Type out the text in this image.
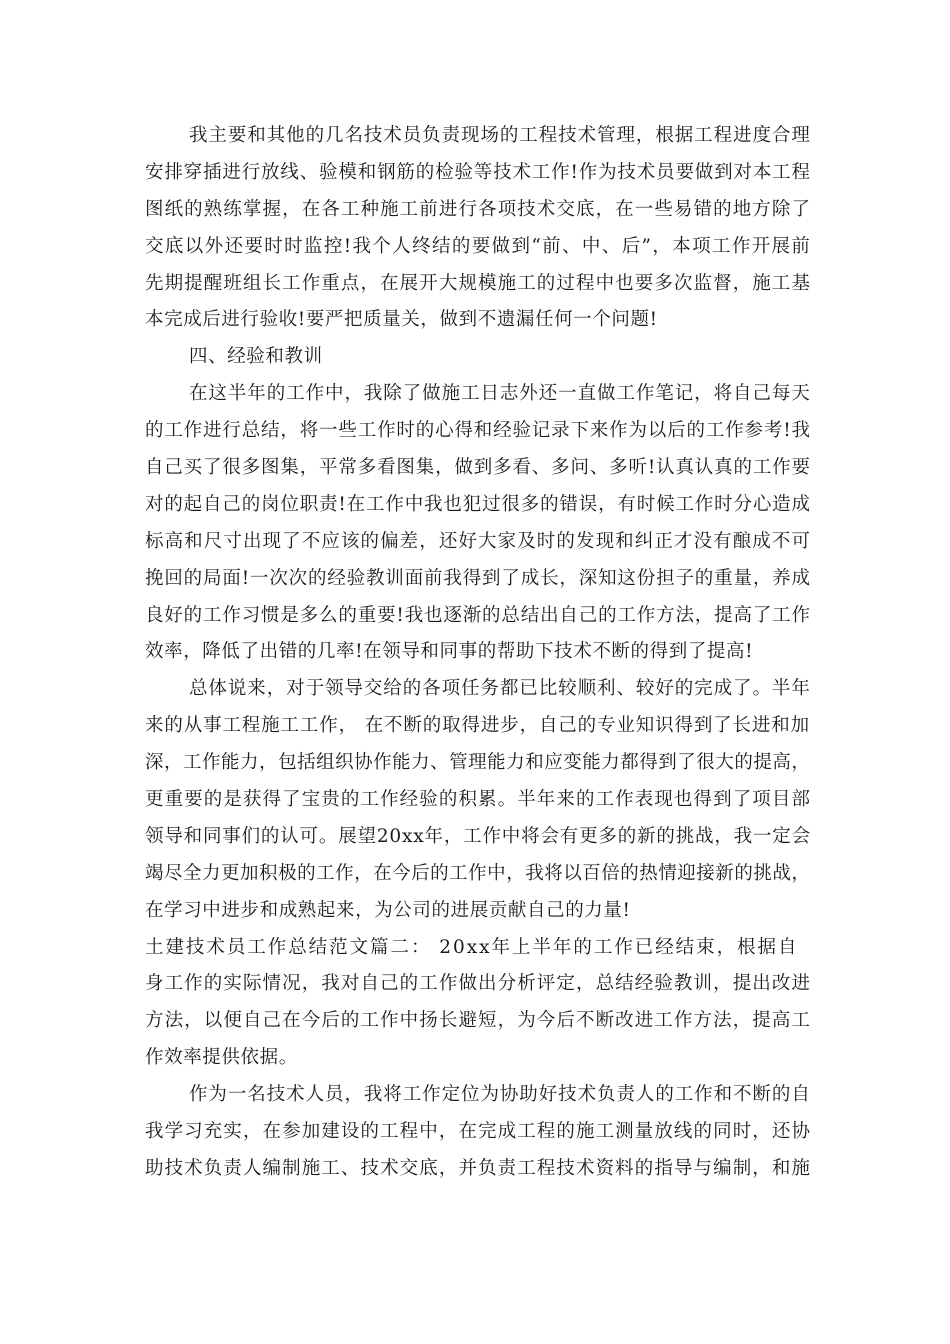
我主要和其他的几名技术员负责现场的工程技术管理，根据工程进度合理
安排穿插进行放线、验模和钢筋的检验等技术工作!作为技术员要做到对本工程
图纸的熟练掌握，在各工种施工前进行各项技术交底，在一些易错的地方除了
交底以外还要时时监控!我个人终结的要做到“前、中、后”，本项工作开展前
先期提醒班组长工作重点，在展开大规模施工的过程中也要多次监督，施工基
本完成后进行验收!要严把质量关，做到不遗漏任何一个问题!
四、经验和教训
在这半年的工作中，我除了做施工日志外还一直做工作笔记，将自己每天
的工作进行总结，将一些工作时的心得和经验记录下来作为以后的工作参考!我
自己买了很多图集，平常多看图集，做到多看、多问、多听!认真认真的工作要
对的起自己的岗位职责!在工作中我也犯过很多的错误，有时候工作时分心造成
标高和尺寸出现了不应该的偏差，还好大家及时的发现和纠正才没有酿成不可
挽回的局面!一次次的经验教训面前我得到了成长，深知这份担子的重量，养成
良好的工作习惯是多么的重要!我也逐渐的总结出自己的工作方法，提高了工作
效率，降低了出错的几率!在领导和同事的帮助下技术不断的得到了提高!
总体说来，对于领导交给的各项任务都已比较顺利、较好的完成了。半年
来的从事工程施工工作， 在不断的取得进步，自己的专业知识得到了长进和加
深，工作能力，包括组织协作能力、管理能力和应变能力都得到了很大的提高，
更重要的是获得了宝贵的工作经验的积累。半年来的工作表现也得到了项目部
领导和同事们的认可。展望20xx年，工作中将会有更多的新的挑战，我一定会
竭尽全力更加积极的工作，在今后的工作中，我将以百倍的热情迎接新的挑战，
在学习中进步和成熟起来，为公司的进展贡献自己的力量!
土建技术员工作总结范文篇二： 20xx年上半年的工作已经结束，根据自
身工作的实际情况，我对自己的工作做出分析评定，总结经验教训，提出改进
方法，以便自己在今后的工作中扬长避短，为今后不断改进工作方法，提高工
作效率提供依据。
作为一名技术人员，我将工作定位为协助好技术负责人的工作和不断的自
我学习充实，在参加建设的工程中，在完成工程的施工测量放线的同时，还协
助技术负责人编制施工、技术交底，并负责工程技术资料的指导与编制，和施
